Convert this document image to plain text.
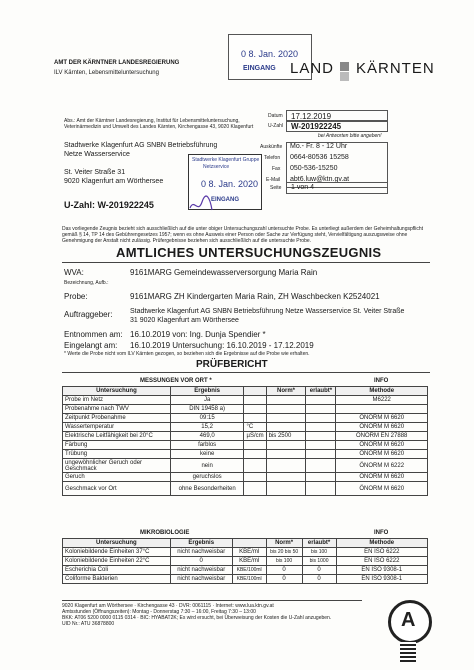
AMT DER KÄRNTNER LANDESREGIERUNG
ILV Kärnten, Lebensmitteluntersuchung
0 8. Jan. 2020
EINGANG LAND KÄRNTEN
Abs.: Amt der Kärntner Landesregierung, Institut für Lebensmitteluntersuchung,
Veterinärmedizin und Umwelt des Landes Kärnten, Kirchengasse 43, 9020 Klagenfurt
Datum 17.12.2019
U-Zahl W-201922245
bei Antworten bitte angeben!
Auskünfte Mo.- Fr. 8 - 12 Uhr
Telefon 0664-80536 15258
Fax 050-536-15250
E-Mail abt6.luw@ktn.gv.at
Seite 1 von 4
Stadtwerke Klagenfurt AG SNBN Betriebsführung
Netze Wasserservice
St. Veiter Straße 31
9020 Klagenfurt am Wörthersee
Stadtwerke Klagenfurt Gruppe
Netzservice
0 8. Jan. 2020
EINGANG
U-Zahl: W-201922245
Das vorliegende Zeugnis bezieht sich ausschließlich auf die unter obiger Untersuchungszahl untersuchte Probe. Es unterliegt außerdem der Geheimhaltungspflicht gemäß § 14, TP 14 des Gebührengesetzes 1957; wenn es ohne Ausweis einer Person oder Sache zur Verfügung steht, Vervielfältigung auszugsweise ohne Genehmigung der Anstalt nicht zulässig. Prüfergebnisse beziehen sich ausschließlich auf die untersuchte Probe.
AMTLICHES UNTERSUCHUNGSZEUGNIS
WVA:	9161MARG Gemeindewasserversorgung Maria Rain
Bezeichnung, Aufb.:
Probe:	9161MARG ZH Kindergarten Maria Rain, ZH Waschbecken K2524021
Auftraggeber:	Stadtwerke Klagenfurt AG SNBN Betriebsführung Netze Wasserservice St. Veiter Straße
31 9020 Klagenfurt am Wörthersee
Entnommen am: 16.10.2019 von: Ing. Dunja Spendier *
Eingelangt am: 16.10.2019 Untersuchung: 16.10.2019 - 17.12.2019
* Werte die Probe nicht vom ILV Kärnten gezogen, so beziehen sich die Ergebnisse auf die Probe wie erhalten.
PRÜFBERICHT
MESSUNGEN VOR ORT *	INFO
Untersuchung	Ergebnis		Norm*	erlaubt*	Methode
Probe im Netz	Ja				M6222
Probenahme nach TWV	DIN 19458 a)				
Zeitpunkt Probenahme	09:15				ÖNORM M 6620
Wassertemperatur	15,2	°C			ÖNORM M 6620
Elektrische Leitfähigkeit bei 20°C	469,0	µS/cm	bis 2500		ÖNORM EN 27888
Färbung	farblos				ÖNORM M 6620
Trübung	keine				ÖNORM M 6620
ungewöhnlicher Geruch oder Geschmack	nein				ÖNORM M 6222
Geruch	geruchslos				ÖNORM M 6620
Geschmack vor Ort	ohne Besonderheiten				ÖNORM M 6620
MIKROBIOLOGIE	INFO
Untersuchung	Ergebnis		Norm*	erlaubt*	Methode
Koloniebildende Einheiten 37°C	nicht nachweisbar	KBE/ml	bis 20 bis 50	bis 100	EN ISO 6222
Koloniebildende Einheiten 22°C	0	KBE/ml	bis 100	bis 1000	EN ISO 6222
Escherichia Coli	nicht nachweisbar	KBE/100ml	0	0	EN ISO 9308-1
Coliforme Bakterien	nicht nachweisbar	KBE/100ml	0	0	EN ISO 9308-1
9020 Klagenfurt am Wörthersee · Kirchengasse 43 · DVR: 0061115 · Internet: www.lua.ktn.gv.at
Amtsstunden (Öffnungszeiten): Montag - Donnerstag 7:30 – 16:00, Freitag 7:30 – 13:00
BKK: AT06 5200 0000 0115 0314 · BIC: HYABAT2K; Es wird ersucht, bei Überweisung der Kosten die U-Zahl anzugeben.
UID Nr.: ATU 36878800	A
